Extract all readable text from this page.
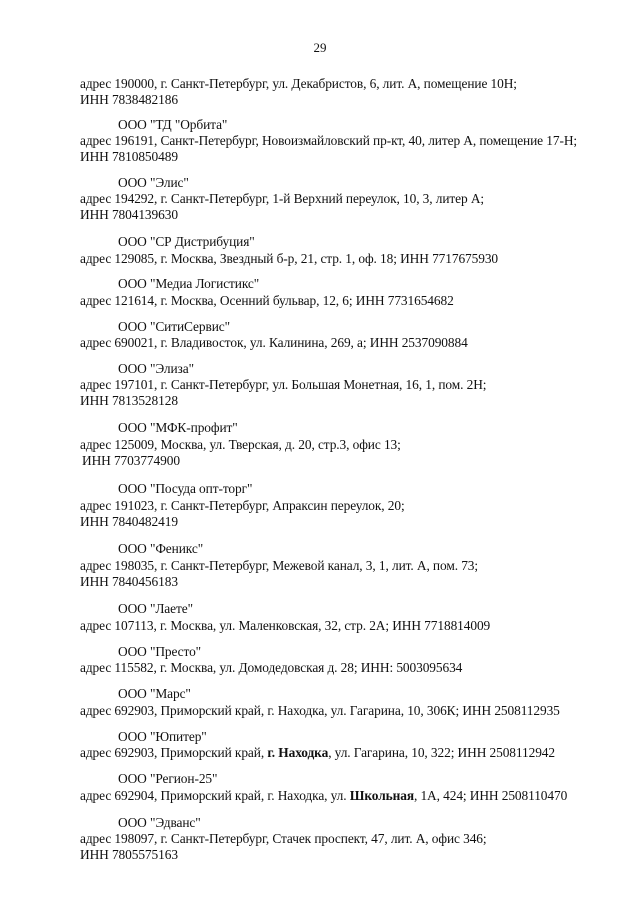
29
адрес 190000, г. Санкт-Петербург, ул. Декабристов, 6, лит. А, помещение 10Н;
ИНН 7838482186
ООО "ТД "Орбита"
адрес 196191, Санкт-Петербург, Новоизмайловский пр-кт, 40, литер А, помещение 17-Н;
ИНН 7810850489
ООО "Элис"
адрес 194292, г. Санкт-Петербург, 1-й Верхний переулок, 10, 3, литер А;
ИНН 7804139630
ООО "СР Дистрибуция"
адрес 129085, г. Москва, Звездный б-р, 21, стр. 1, оф. 18; ИНН 7717675930
ООО "Медиа Логистикс"
адрес 121614, г. Москва, Осенний бульвар, 12, 6; ИНН 7731654682
ООО "СитиСервис"
адрес 690021, г. Владивосток, ул. Калинина, 269, а; ИНН 2537090884
ООО "Элиза"
адрес 197101, г. Санкт-Петербург, ул. Большая Монетная, 16, 1, пом. 2Н;
ИНН 7813528128
ООО "МФК-профит"
адрес 125009, Москва, ул. Тверская, д. 20, стр.3, офис 13;
ИНН 7703774900
ООО "Посуда опт-торг"
адрес 191023, г. Санкт-Петербург, Апраксин переулок, 20;
ИНН 7840482419
ООО "Феникс"
адрес 198035, г. Санкт-Петербург, Межевой канал, 3, 1, лит. А, пом. 73;
ИНН 7840456183
ООО "Лаете"
адрес 107113, г. Москва, ул. Маленковская, 32, стр. 2А; ИНН 7718814009
ООО "Престо"
адрес 115582, г. Москва, ул. Домодедовская д. 28; ИНН: 5003095634
ООО "Марс"
адрес 692903, Приморский край, г. Находка, ул. Гагарина, 10, 306К; ИНН 2508112935
ООО "Юпитер"
адрес 692903, Приморский край, г. Находка, ул. Гагарина, 10, 322; ИНН 2508112942
ООО "Регион-25"
адрес 692904, Приморский край, г. Находка, ул. Школьная, 1А, 424; ИНН 2508110470
ООО "Эдванс"
адрес 198097, г. Санкт-Петербург, Стачек проспект, 47, лит. А, офис 346;
ИНН 7805575163
